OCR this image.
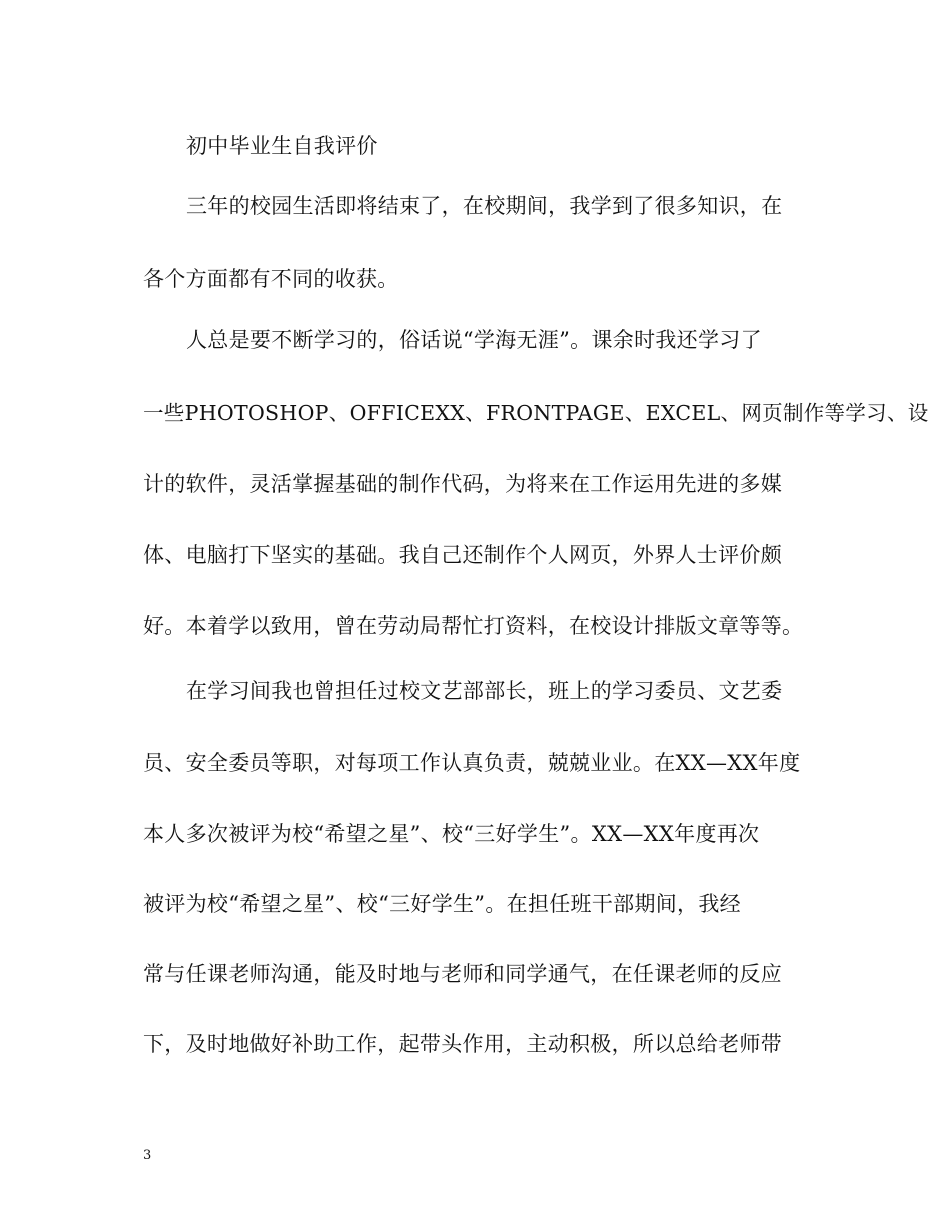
初中毕业生自我评价
三年的校园生活即将结束了，在校期间，我学到了很多知识，在
各个方面都有不同的收获。
人总是要不断学习的，俗话说“学海无涯”。课余时我还学习了
一些PHOTOSHOP、OFFICEXX、FRONTPAGE、EXCEL、网页制作等学习、设
计的软件，灵活掌握基础的制作代码，为将来在工作运用先进的多媒
体、电脑打下坚实的基础。我自己还制作个人网页，外界人士评价颇
好。本着学以致用，曾在劳动局帮忙打资料，在校设计排版文章等等。
在学习间我也曾担任过校文艺部部长，班上的学习委员、文艺委
员、安全委员等职，对每项工作认真负责，兢兢业业。在XX—XX年度
本人多次被评为校“希望之星”、校“三好学生”。XX—XX年度再次
被评为校“希望之星”、校“三好学生”。在担任班干部期间，我经
常与任课老师沟通，能及时地与老师和同学通气，在任课老师的反应
下，及时地做好补助工作，起带头作用，主动积极，所以总给老师带
3
